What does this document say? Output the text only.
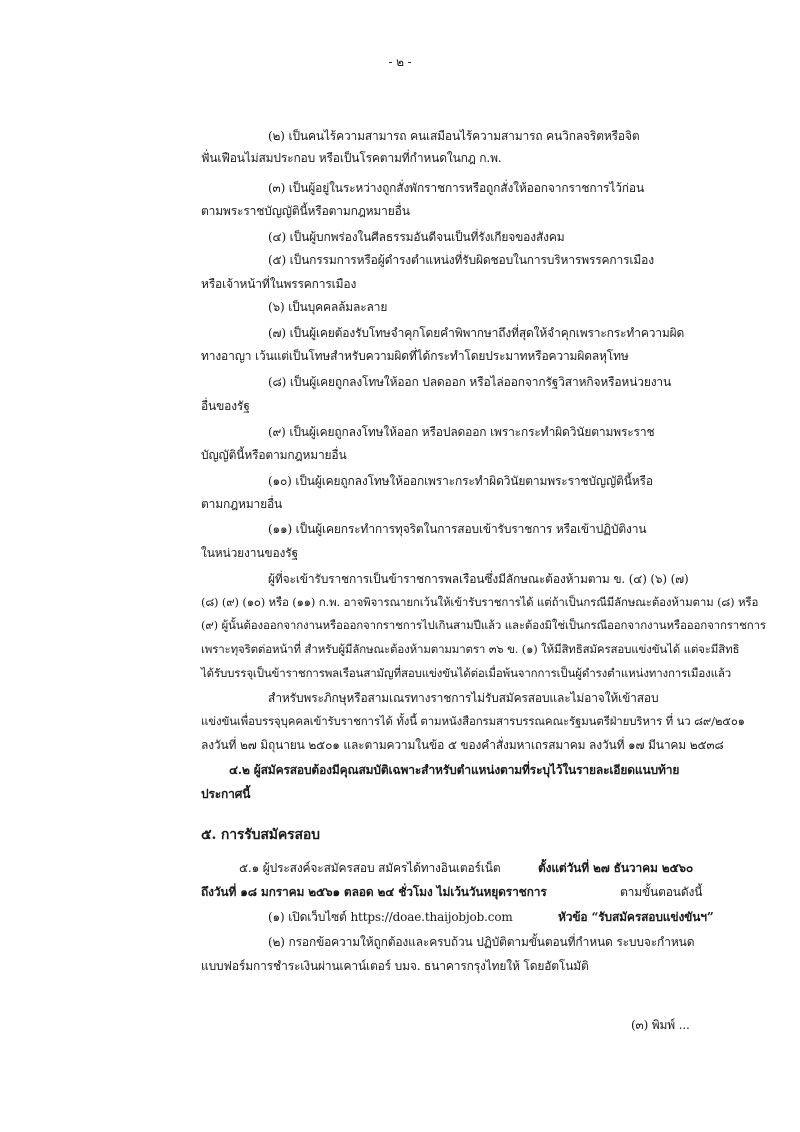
- ๒ -
(๒) เป็นคนไร้ความสามารถ คนเสมือนไร้ความสามารถ คนวิกลจริตหรือจิต
ฟั่นเฟือนไม่สมประกอบ หรือเป็นโรคตามที่กำหนดในกฎ ก.พ.
(๓) เป็นผู้อยู่ในระหว่างถูกสั่งพักราชการหรือถูกสั่งให้ออกจากราชการไว้ก่อน
ตามพระราชบัญญัตินี้หรือตามกฎหมายอื่น
(๔) เป็นผู้บกพร่องในศีลธรรมอันดีจนเป็นที่รังเกียจของสังคม
(๕) เป็นกรรมการหรือผู้ดำรงตำแหน่งที่รับผิดชอบในการบริหารพรรคการเมือง
หรือเจ้าหน้าที่ในพรรคการเมือง
(๖) เป็นบุคคลล้มละลาย
(๗) เป็นผู้เคยต้องรับโทษจำคุกโดยคำพิพากษาถึงที่สุดให้จำคุกเพราะกระทำความผิด
ทางอาญา เว้นแต่เป็นโทษสำหรับความผิดที่ได้กระทำโดยประมาทหรือความผิดลหุโทษ
(๘) เป็นผู้เคยถูกลงโทษให้ออก ปลดออก หรือไล่ออกจากรัฐวิสาหกิจหรือหน่วยงาน
อื่นของรัฐ
(๙) เป็นผู้เคยถูกลงโทษให้ออก หรือปลดออก เพราะกระทำผิดวินัยตามพระราช
บัญญัตินี้หรือตามกฎหมายอื่น
(๑๐) เป็นผู้เคยถูกลงโทษให้ออกเพราะกระทำผิดวินัยตามพระราชบัญญัตินี้หรือ
ตามกฎหมายอื่น
(๑๑) เป็นผู้เคยกระทำการทุจริตในการสอบเข้ารับราชการ หรือเข้าปฏิบัติงาน
ในหน่วยงานของรัฐ
ผู้ที่จะเข้ารับราชการเป็นข้าราชการพลเรือนซึ่งมีลักษณะต้องห้ามตาม ข. (๔) (๖) (๗)
(๘) (๙) (๑๐) หรือ (๑๑) ก.พ. อาจพิจารณายกเว้นให้เข้ารับราชการได้ แต่ถ้าเป็นกรณีมีลักษณะต้องห้ามตาม (๘) หรือ
(๙) ผู้นั้นต้องออกจากงานหรือออกจากราชการไปเกินสามปีแล้ว และต้องมิใช่เป็นกรณีออกจากงานหรือออกจากราชการ
เพราะทุจริตต่อหน้าที่ สำหรับผู้มีลักษณะต้องห้ามตามมาตรา ๓๖ ข. (๑) ให้มีสิทธิสมัครสอบแข่งขันได้ แต่จะมีสิทธิ
ได้รับบรรจุเป็นข้าราชการพลเรือนสามัญที่สอบแข่งขันได้ต่อเมื่อพ้นจากการเป็นผู้ดำรงตำแหน่งทางการเมืองแล้ว
สำหรับพระภิกษุหรือสามเณรทางราชการไม่รับสมัครสอบและไม่อาจให้เข้าสอบ
แข่งขันเพื่อบรรจุบุคคลเข้ารับราชการได้ ทั้งนี้ ตามหนังสือกรมสารบรรณคณะรัฐมนตรีฝ่ายบริหาร ที่ นว ๘๙/๒๕๐๑
ลงวันที่ ๒๗ มิถุนายน ๒๕๐๑ และตามความในข้อ ๕ ของคำสั่งมหาเถรสมาคม ลงวันที่ ๑๗ มีนาคม ๒๕๓๘
๔.๒ ผู้สมัครสอบต้องมีคุณสมบัติเฉพาะสำหรับตำแหน่งตามที่ระบุไว้ในรายละเอียดแนบท้าย
ประกาศนี้
๕. การรับสมัครสอบ
๕.๑ ผู้ประสงค์จะสมัครสอบ สมัครได้ทางอินเตอร์เน็ต	ตั้งแต่วันที่ ๒๗ ธันวาคม ๒๕๖๐
ถึงวันที่ ๑๘ มกราคม ๒๕๖๑ ตลอด ๒๔ ชั่วโมง ไม่เว้นวันหยุดราชการ	ตามขั้นตอนดังนี้
(๑) เปิดเว็บไซต์ https://doae.thaijobjob.com	หัวข้อ “รับสมัครสอบแข่งขันฯ”
(๒) กรอกข้อความให้ถูกต้องและครบถ้วน ปฏิบัติตามขั้นตอนที่กำหนด ระบบจะกำหนด
แบบฟอร์มการชำระเงินผ่านเคาน์เตอร์ บมจ. ธนาคารกรุงไทยให้ โดยอัตโนมัติ
(๓) พิมพ์ ...
